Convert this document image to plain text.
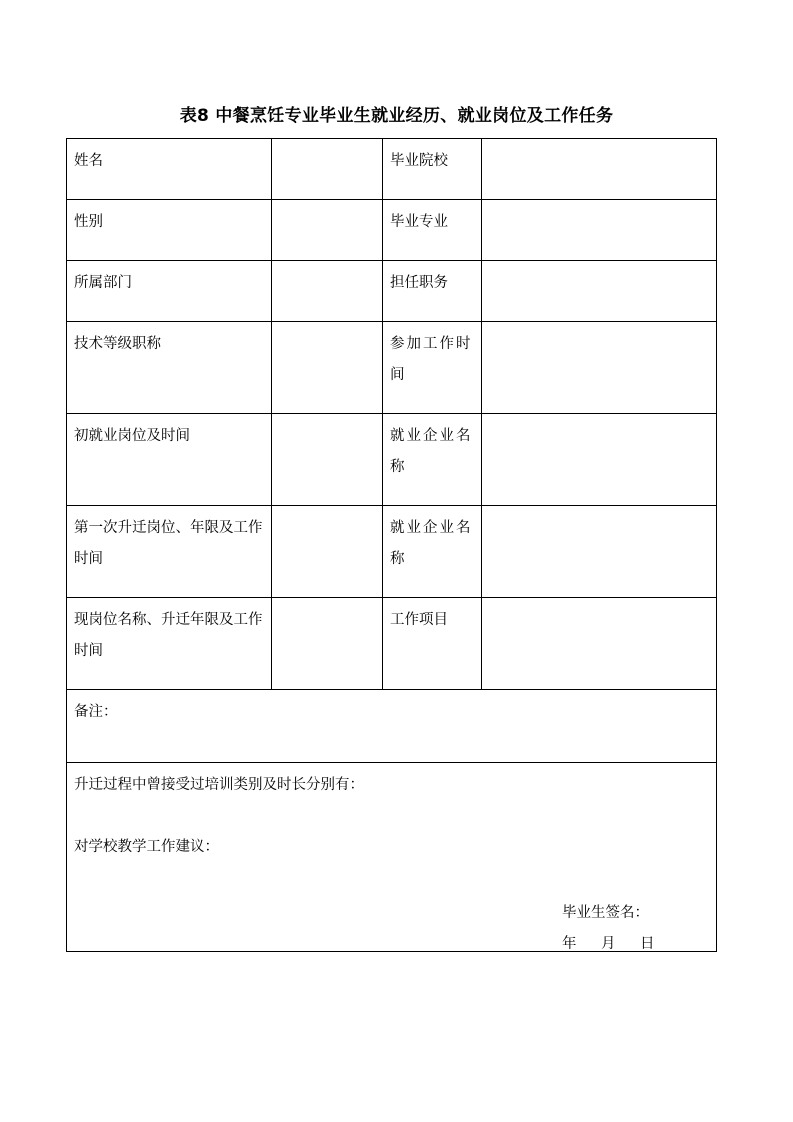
表8 中餐烹饪专业毕业生就业经历、就业岗位及工作任务
姓名		毕业院校	
性别		毕业专业	
所属部门		担任职务	
技术等级职称		参加工作时间	
初就业岗位及时间		就业企业名称	
第一次升迁岗位、年限及工作时间		就业企业名称	
现岗位名称、升迁年限及工作时间		工作项目	
备注：			

升迁过程中曾接受过培训类别及时长分别有：
对学校教学工作建议：
毕业生签名：
年 月 日			
